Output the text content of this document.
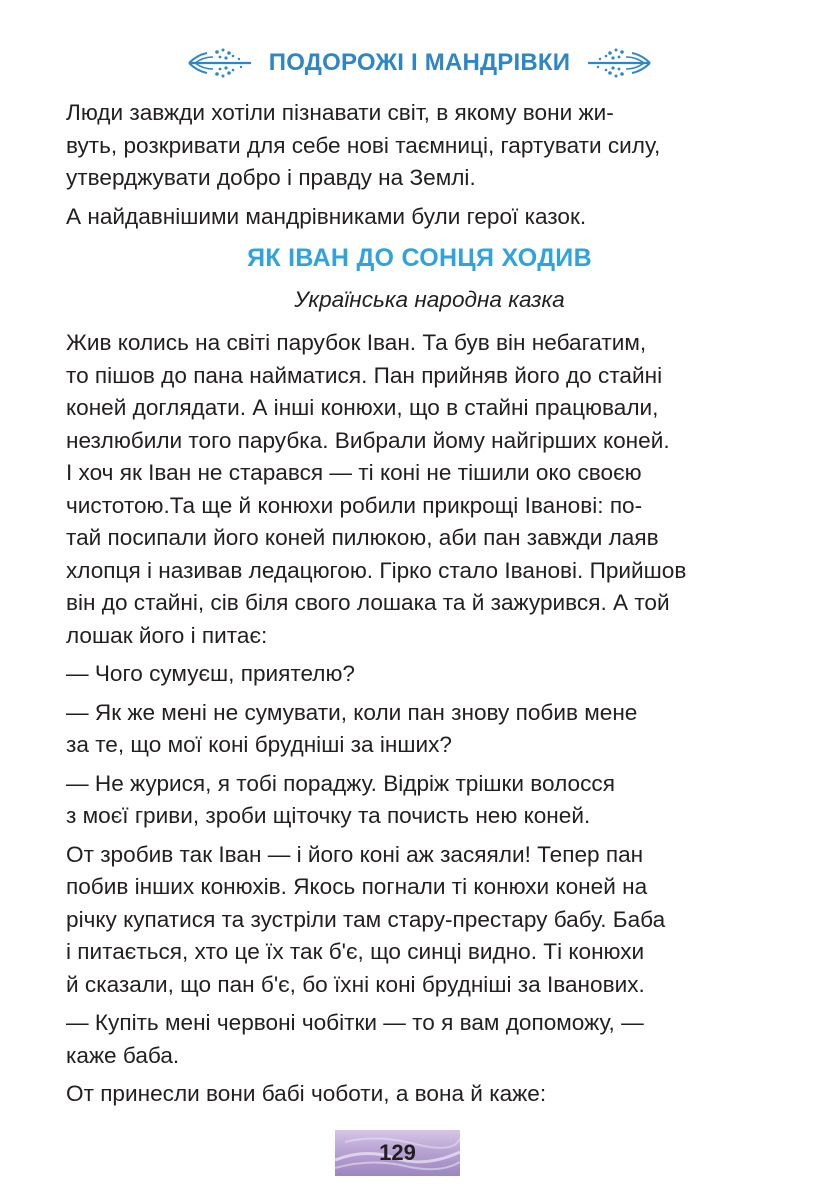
ПОДОРОЖІ І МАНДРІВКИ

Люди завжди хотіли пізнавати світ, в якому вони жи-

вуть, розкривати для себе нові таємниці, гартувати силу,

утверджувати добро і правду на Землі.

А найдавнішими мандрівниками були герої казок.

ЯК ІВАН ДО СОНЦЯ ХОДИВ
Українська народна казка

Жив колись на світі парубок Іван. Та був він небагатим,

то пішов до пана найматися. Пан прийняв його до стайні

коней доглядати. А інші конюхи, що в стайні працювали,

незлюбили того парубка. Вибрали йому найгірших коней.

І хоч як Іван не старався — ті коні не тішили око своєю

чистотою.Та ще й конюхи робили прикрощі Іванові: по-

тай посипали його коней пилюкою, аби пан завжди лаяв

хлопця і називав ледацюгою. Гірко стало Іванові. Прийшов

він до стайні, сів біля свого лошака та й зажурився. А той

лошак його і питає:

— Чого сумуєш, приятелю?

— Як же мені не сумувати, коли пан знову побив мене

за те, що мої коні брудніші за інших?

— Не журися, я тобі пораджу. Відріж трішки волосся

з моєї гриви, зроби щіточку та почисть нею коней.

От зробив так Іван — і його коні аж засяяли! Тепер пан

побив інших конюхів. Якось погнали ті конюхи коней на

річку купатися та зустріли там стару-престару бабу. Баба

і питається, хто це їх так б'є, що синці видно. Ті конюхи

й сказали, що пан б'є, бо їхні коні брудніші за Іванових.

— Купіть мені червоні чобітки — то я вам допоможу, —

каже баба.

От принесли вони бабі чоботи, а вона й каже:

129
